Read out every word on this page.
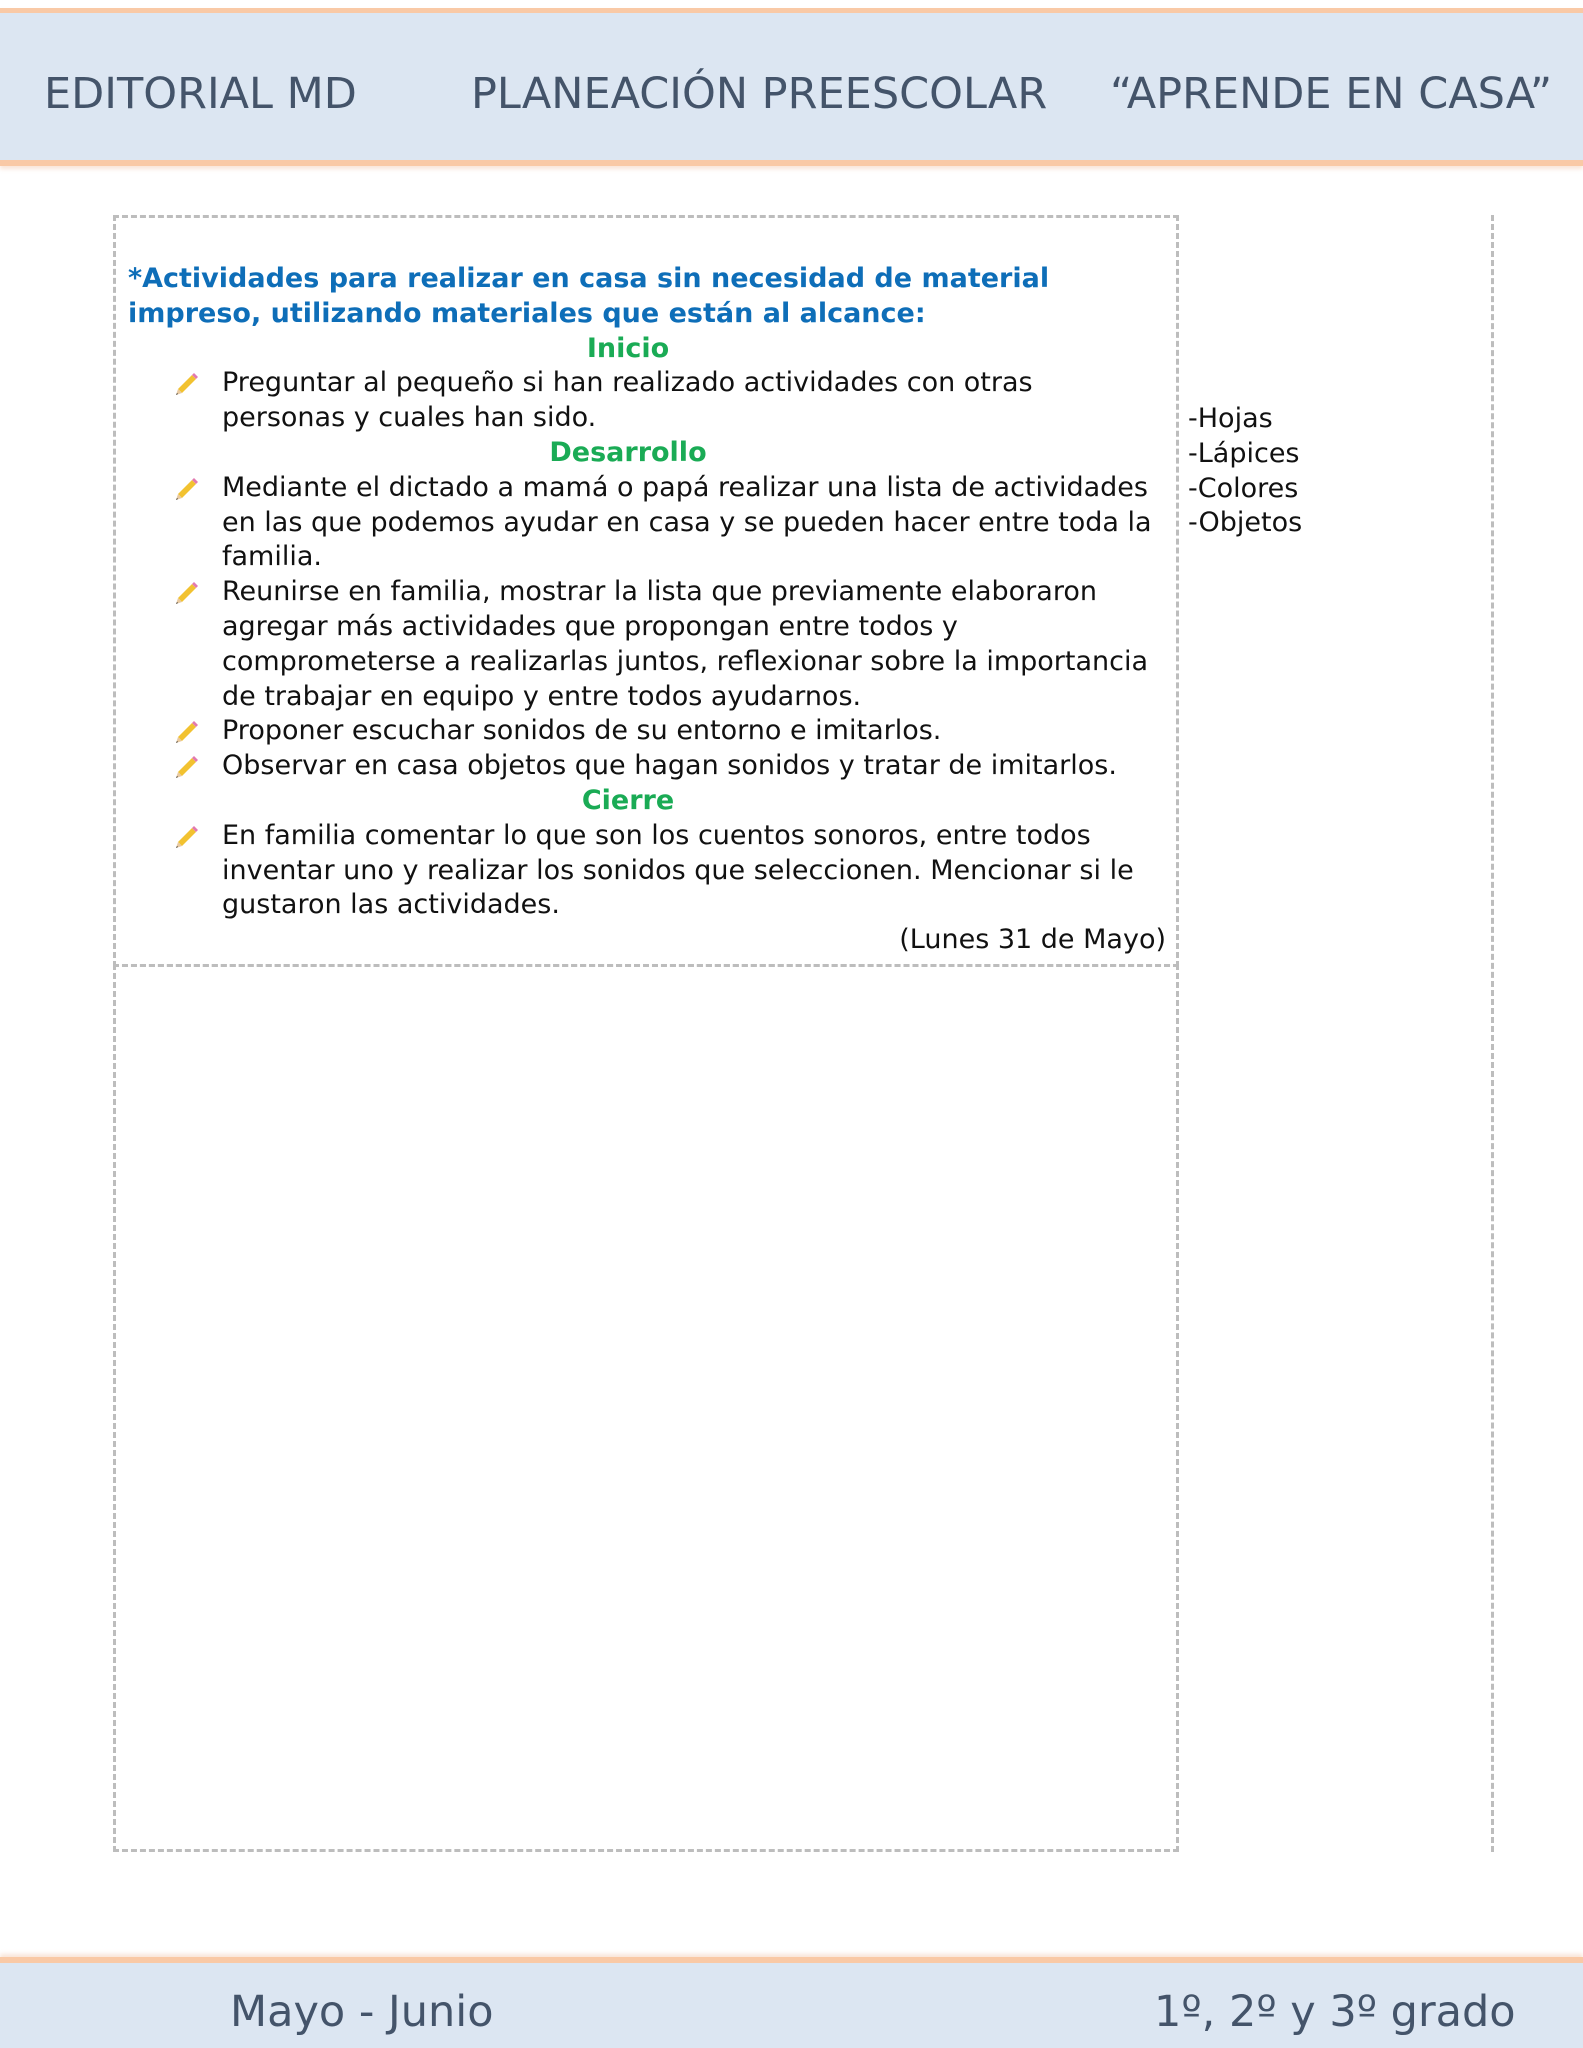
EDITORIAL MD	PLANEACIÓN PREESCOLAR “APRENDE EN CASA”

*Actividades para realizar en casa sin necesidad de material impreso, utilizando materiales que están al alcance:

Inicio

Preguntar al pequeño si han realizado actividades con otras personas y cuales han sido.

Desarrollo

Mediante el dictado a mamá o papá realizar una lista de actividades en las que podemos ayudar en casa y se pueden hacer entre toda la familia.
Reunirse en familia, mostrar la lista que previamente elaboraron agregar más actividades que propongan entre todos y comprometerse a realizarlas juntos, reflexionar sobre la importancia de trabajar en equipo y entre todos ayudarnos.
Proponer escuchar sonidos de su entorno e imitarlos.
Observar en casa objetos que hagan sonidos y tratar de imitarlos.

Cierre

En familia comentar lo que son los cuentos sonoros, entre todos inventar uno y realizar los sonidos que seleccionen. Mencionar si le gustaron las actividades.

(Lunes 31 de Mayo)

-Hojas
-Lápices
-Colores
-Objetos
Mayo - Junio	1º, 2º y 3º grado
